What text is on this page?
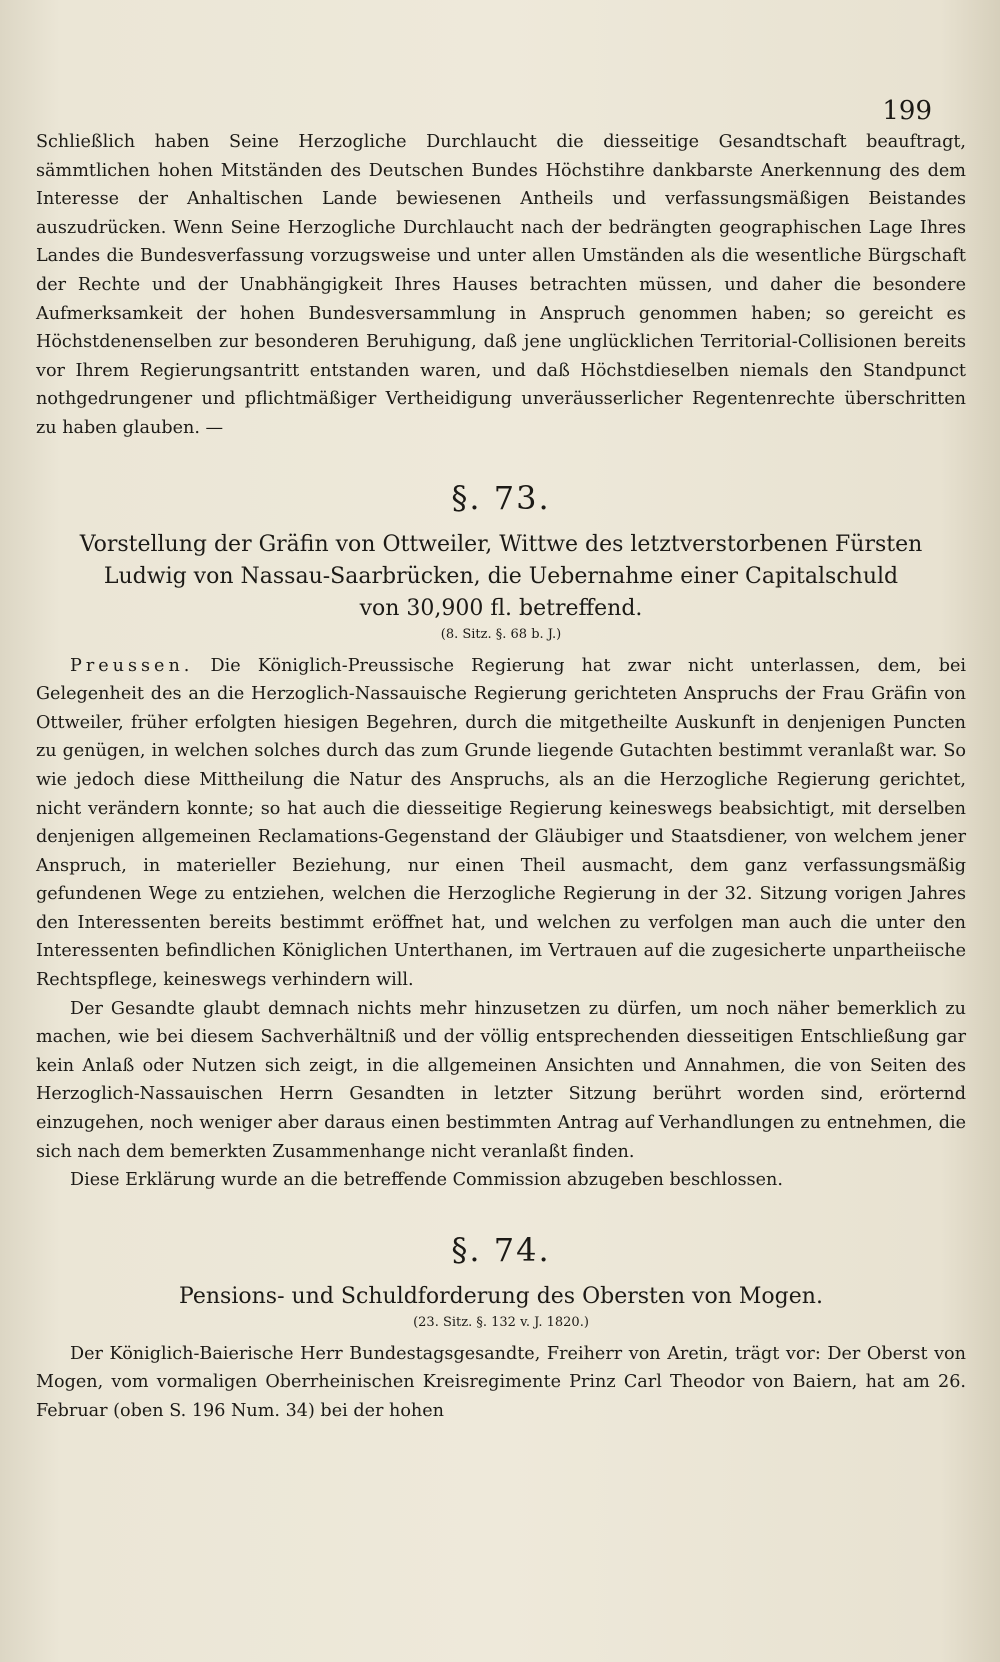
199

Schließlich haben Seine Herzogliche Durchlaucht die diesseitige Gesandtschaft beauftragt, sämmtlichen hohen Mitständen des Deutschen Bundes Höchstihre dankbarste Anerkennung des dem Interesse der Anhaltischen Lande bewiesenen Antheils und verfassungsmäßigen Beistandes auszudrücken. Wenn Seine Herzogliche Durchlaucht nach der bedrängten geographischen Lage Ihres Landes die Bundesverfassung vorzugsweise und unter allen Umständen als die wesentliche Bürgschaft der Rechte und der Unabhängigkeit Ihres Hauses betrachten müssen, und daher die besondere Aufmerksamkeit der hohen Bundesversammlung in Anspruch genommen haben; so gereicht es Höchstdenenselben zur besonderen Beruhigung, daß jene unglücklichen Territorial-Collisionen bereits vor Ihrem Regierungsantritt entstanden waren, und daß Höchstdieselben niemals den Standpunct nothgedrungener und pflichtmäßiger Vertheidigung unveräusserlicher Regentenrechte überschritten zu haben glauben. —

§. 73.

Vorstellung der Gräfin von Ottweiler, Wittwe des letztverstorbenen Fürsten

Ludwig von Nassau-Saarbrücken, die Uebernahme einer Capitalschuld

von 30,900 fl. betreffend.

(8. Sitz. §. 68 b. J.)

Preussen. Die Königlich-Preussische Regierung hat zwar nicht unterlassen, dem, bei Gelegenheit des an die Herzoglich-Nassauische Regierung gerichteten Anspruchs der Frau Gräfin von Ottweiler, früher erfolgten hiesigen Begehren, durch die mitgetheilte Auskunft in denjenigen Puncten zu genügen, in welchen solches durch das zum Grunde liegende Gutachten bestimmt veranlaßt war. So wie jedoch diese Mittheilung die Natur des Anspruchs, als an die Herzogliche Regierung gerichtet, nicht verändern konnte; so hat auch die diesseitige Regierung keineswegs beabsichtigt, mit derselben denjenigen allgemeinen Reclamations-Gegenstand der Gläubiger und Staatsdiener, von welchem jener Anspruch, in materieller Beziehung, nur einen Theil ausmacht, dem ganz verfassungsmäßig gefundenen Wege zu entziehen, welchen die Herzogliche Regierung in der 32. Sitzung vorigen Jahres den Interessenten bereits bestimmt eröffnet hat, und welchen zu verfolgen man auch die unter den Interessenten befindlichen Königlichen Unterthanen, im Vertrauen auf die zugesicherte unpartheiische Rechtspflege, keineswegs verhindern will.

Der Gesandte glaubt demnach nichts mehr hinzusetzen zu dürfen, um noch näher bemerklich zu machen, wie bei diesem Sachverhältniß und der völlig entsprechenden diesseitigen Entschließung gar kein Anlaß oder Nutzen sich zeigt, in die allgemeinen Ansichten und Annahmen, die von Seiten des Herzoglich-Nassauischen Herrn Gesandten in letzter Sitzung berührt worden sind, erörternd einzugehen, noch weniger aber daraus einen bestimmten Antrag auf Verhandlungen zu entnehmen, die sich nach dem bemerkten Zusammenhange nicht veranlaßt finden.

Diese Erklärung wurde an die betreffende Commission abzugeben beschlossen.

§. 74.

Pensions- und Schuldforderung des Obersten von Mogen.

(23. Sitz. §. 132 v. J. 1820.)

Der Königlich-Baierische Herr Bundestagsgesandte, Freiherr von Aretin, trägt vor: Der Oberst von Mogen, vom vormaligen Oberrheinischen Kreisregimente Prinz Carl Theodor von Baiern, hat am 26. Februar (oben S. 196 Num. 34) bei der hohen
